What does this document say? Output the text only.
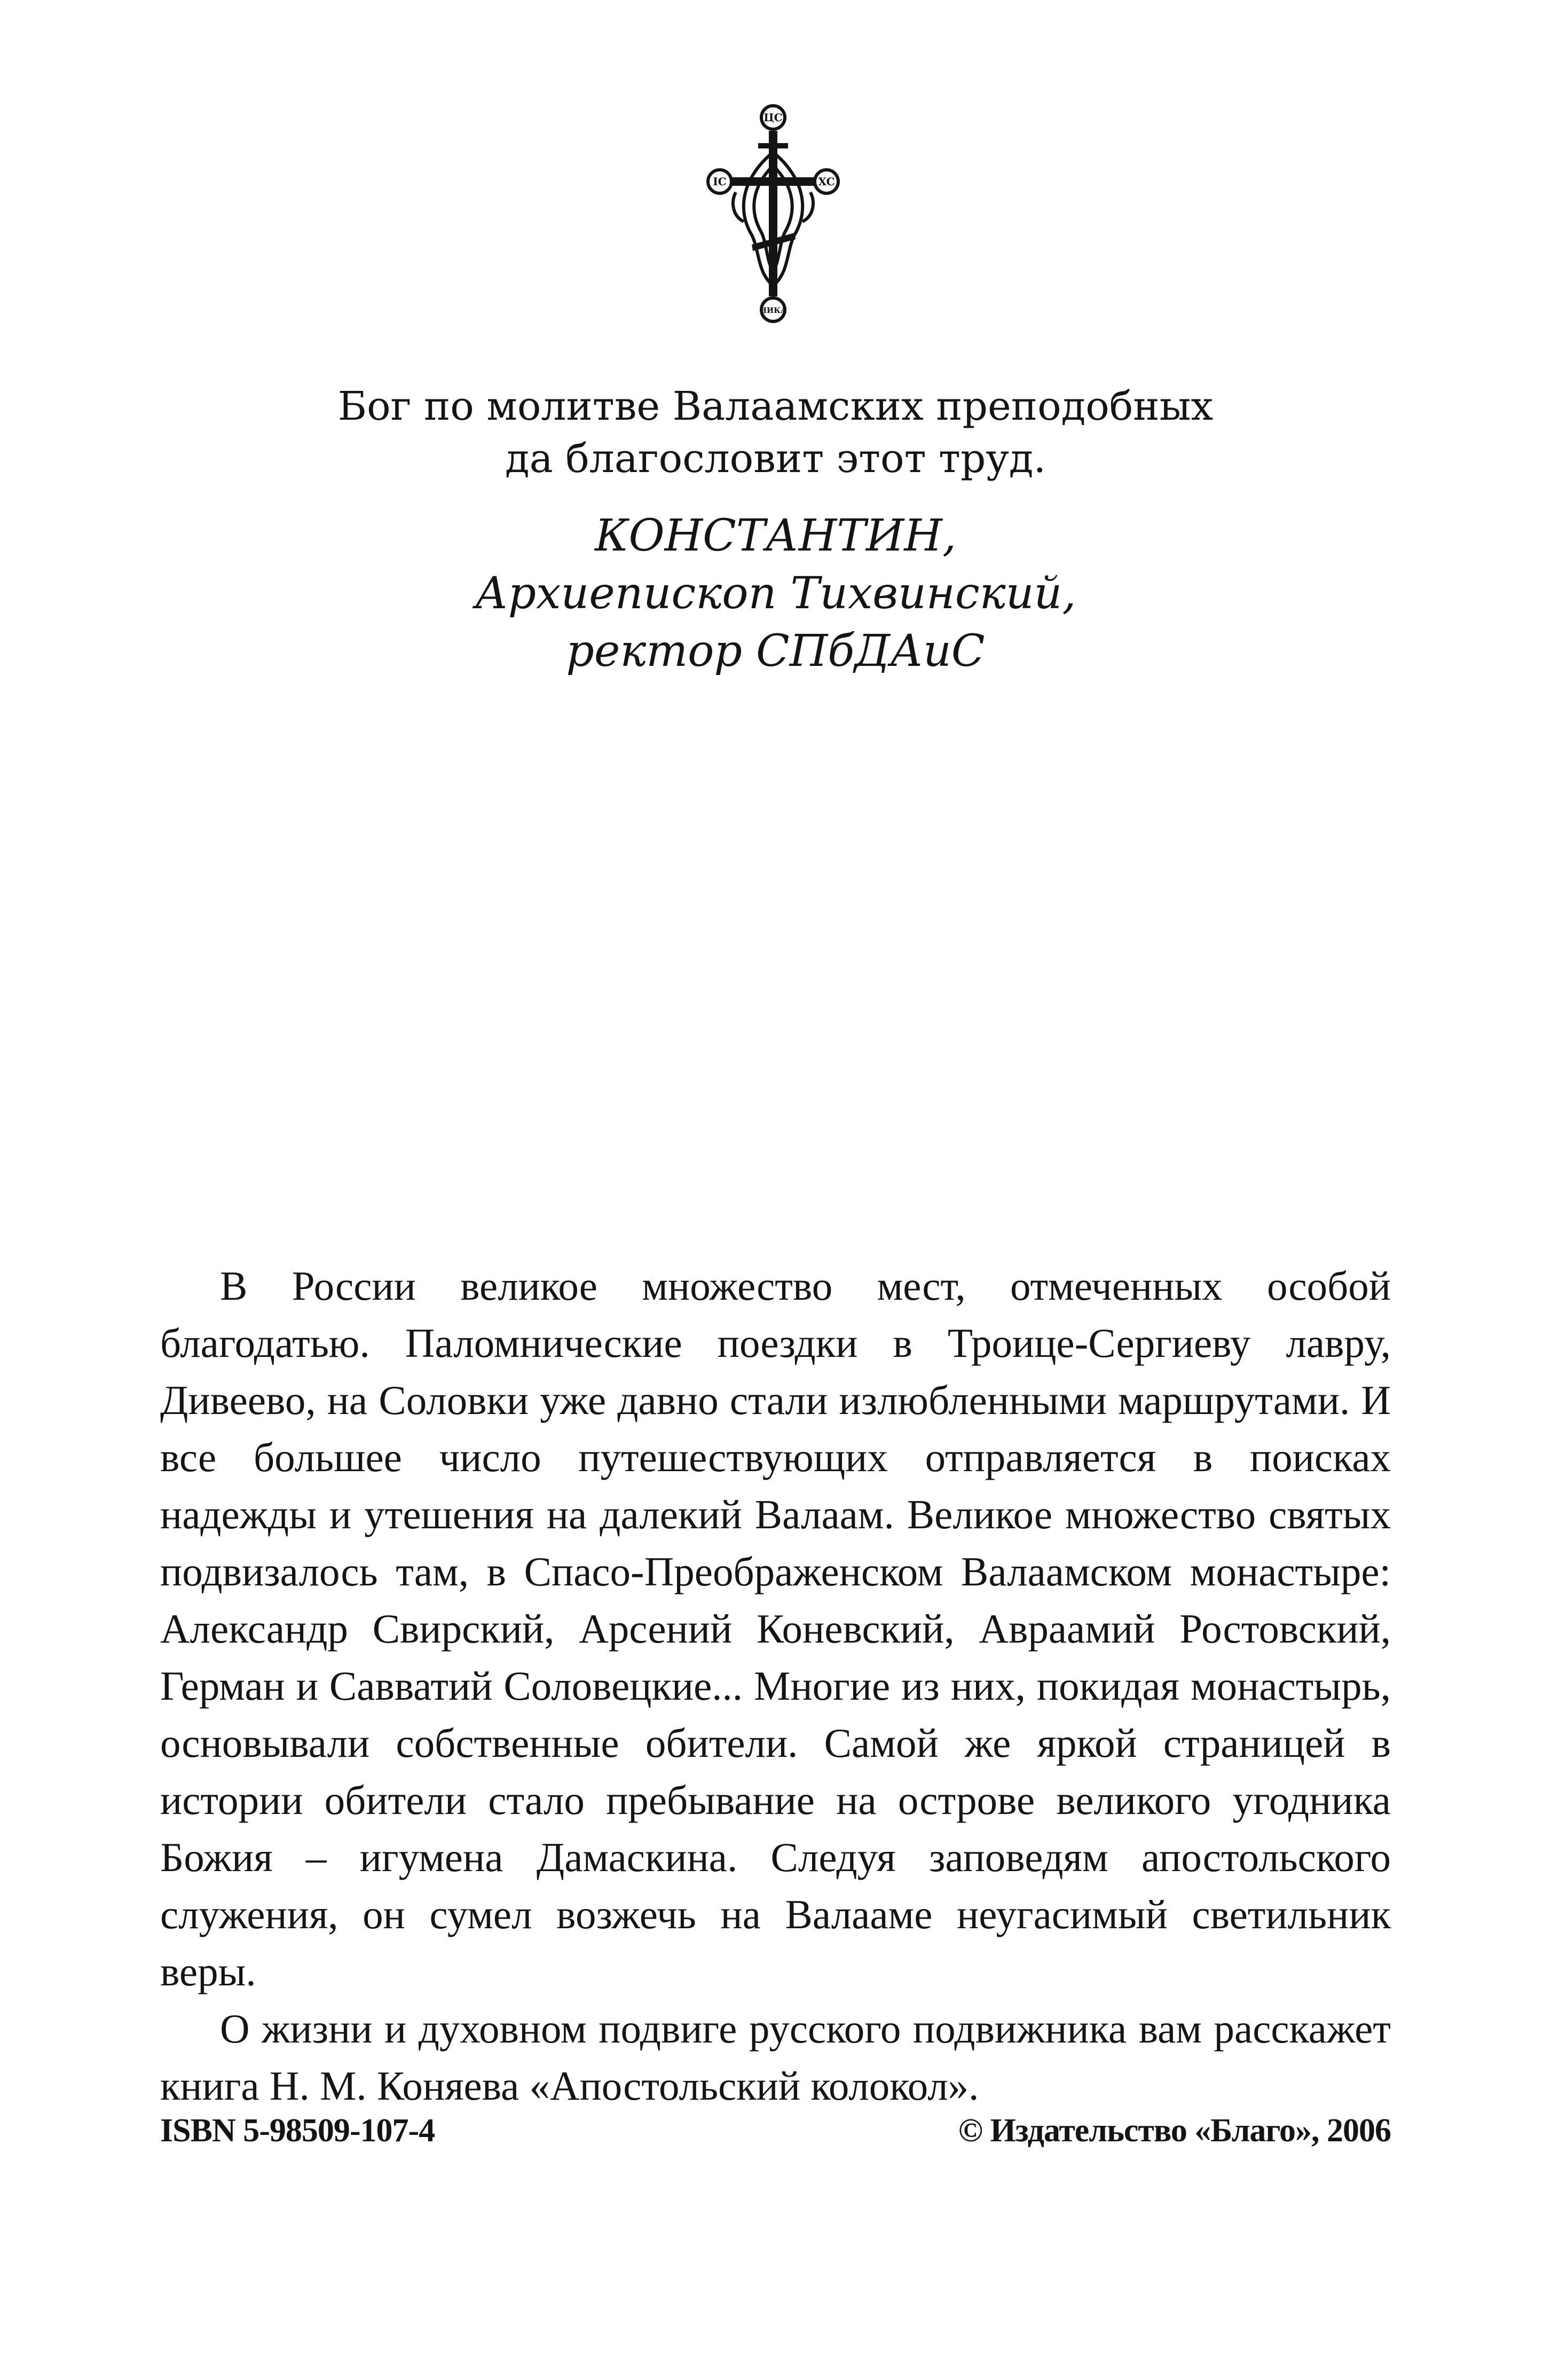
ЦС
IC	XC
НИКА

Бог по молитве Валаамских преподобных

да благословит этот труд.

КОНСТАНТИН,

Архиепископ Тихвинский,

ректор СПбДАиС

В России великое множество мест, отмеченных особой благодатью. Паломнические поездки в Троице-Сергиеву лавру, Дивеево, на Соловки уже давно стали излюбленными маршрутами. И все большее число путешествующих отправляется в поисках надежды и утешения на далекий Валаам. Великое множество святых подвизалось там, в Спасо-Преображенском Валаамском монастыре: Александр Свирский, Арсений Коневский, Авраамий Ростовский, Герман и Савватий Соловецкие... Многие из них, покидая монастырь, основывали собственные обители. Самой же яркой страницей в истории обители стало пребывание на острове великого угодника Божия – игумена Дамаскина. Следуя заповедям апостольского служения, он сумел возжечь на Валааме неугасимый светильник веры.

О жизни и духовном подвиге русского подвижника вам расскажет книга Н. М. Коняева «Апостольский колокол».

ISBN 5-98509-107-4	© Издательство «Благо», 2006
